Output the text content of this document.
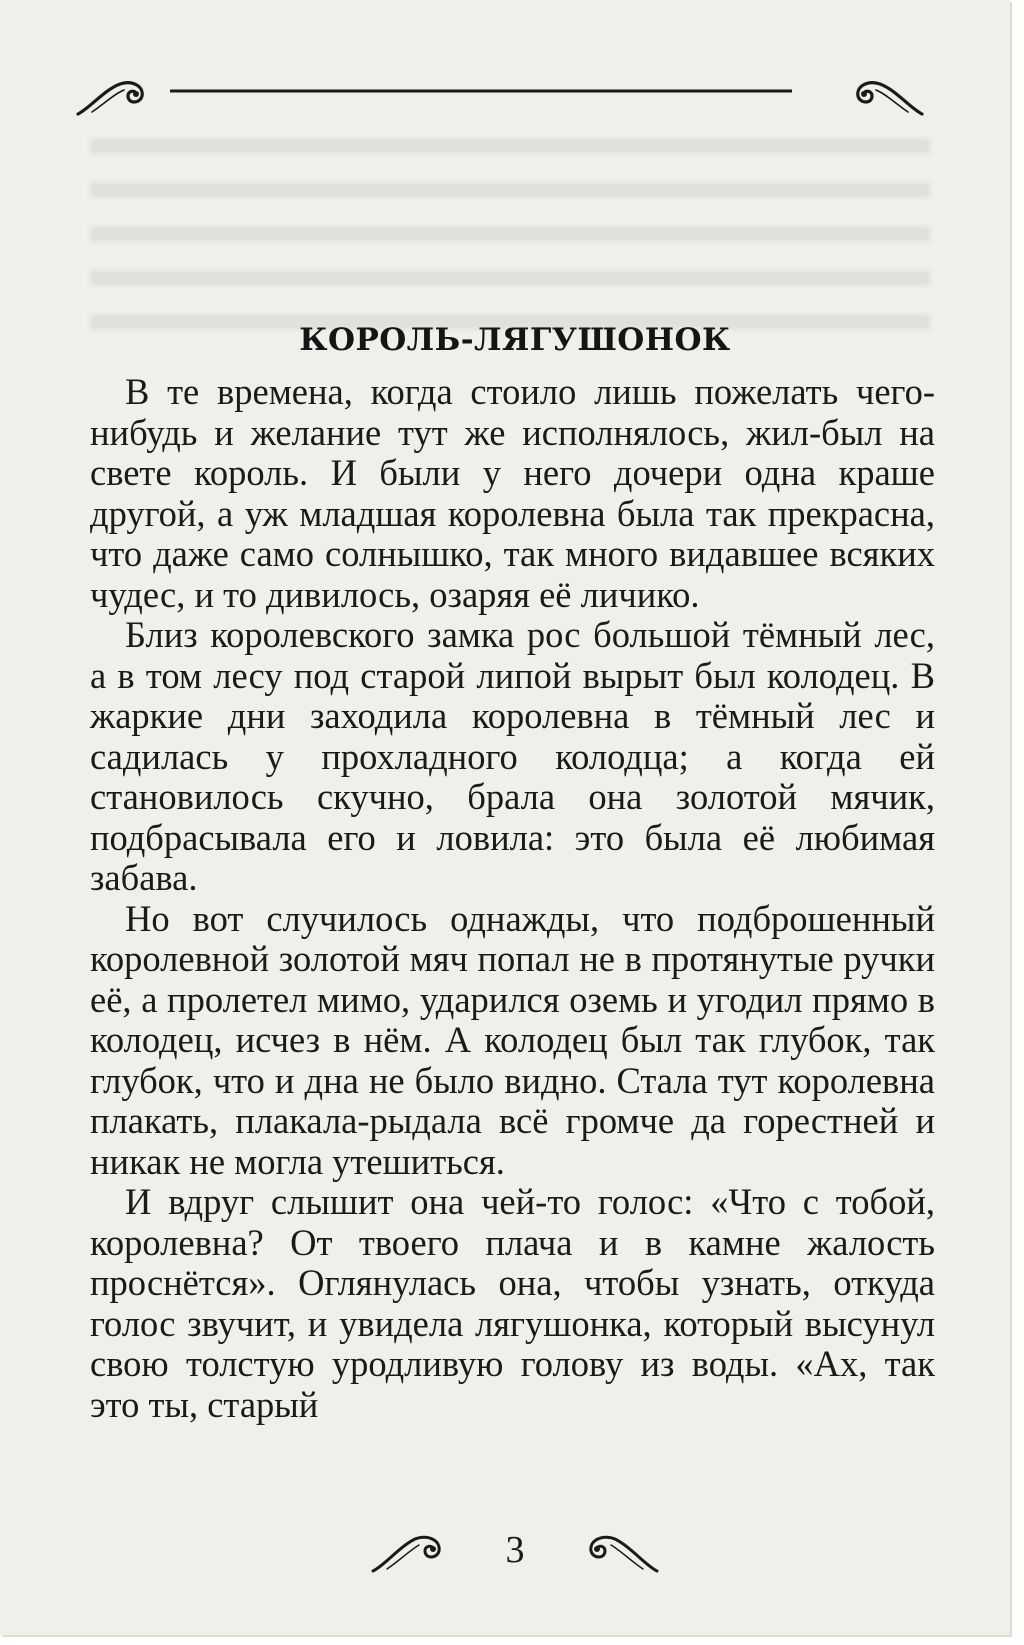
КОРОЛЬ-ЛЯГУШОНОК

В те времена, когда стоило лишь пожелать чего-нибудь и желание тут же исполнялось, жил-был на свете король. И были у него дочери одна краше другой, а уж младшая королевна была так прекрасна, что даже само солнышко, так много видавшее всяких чудес, и то дивилось, озаряя её личико.

Близ королевского замка рос большой тёмный лес, а в том лесу под старой липой вырыт был колодец. В жаркие дни заходила королевна в тёмный лес и садилась у прохладного колодца; а когда ей становилось скучно, брала она золотой мячик, подбрасывала его и ловила: это была её любимая забава.

Но вот случилось однажды, что подброшенный королевной золотой мяч попал не в протянутые ручки её, а пролетел мимо, ударился оземь и угодил прямо в колодец, исчез в нём. А колодец был так глубок, так глубок, что и дна не было видно. Стала тут королевна плакать, плакала-рыдала всё громче да горестней и никак не могла утешиться.

И вдруг слышит она чей-то голос: «Что с тобой, королевна? От твоего плача и в камне жалость проснётся». Оглянулась она, чтобы узнать, откуда голос звучит, и увидела лягушонка, который высунул свою толстую уродливую голову из воды. «Ах, так это ты, старый

3
